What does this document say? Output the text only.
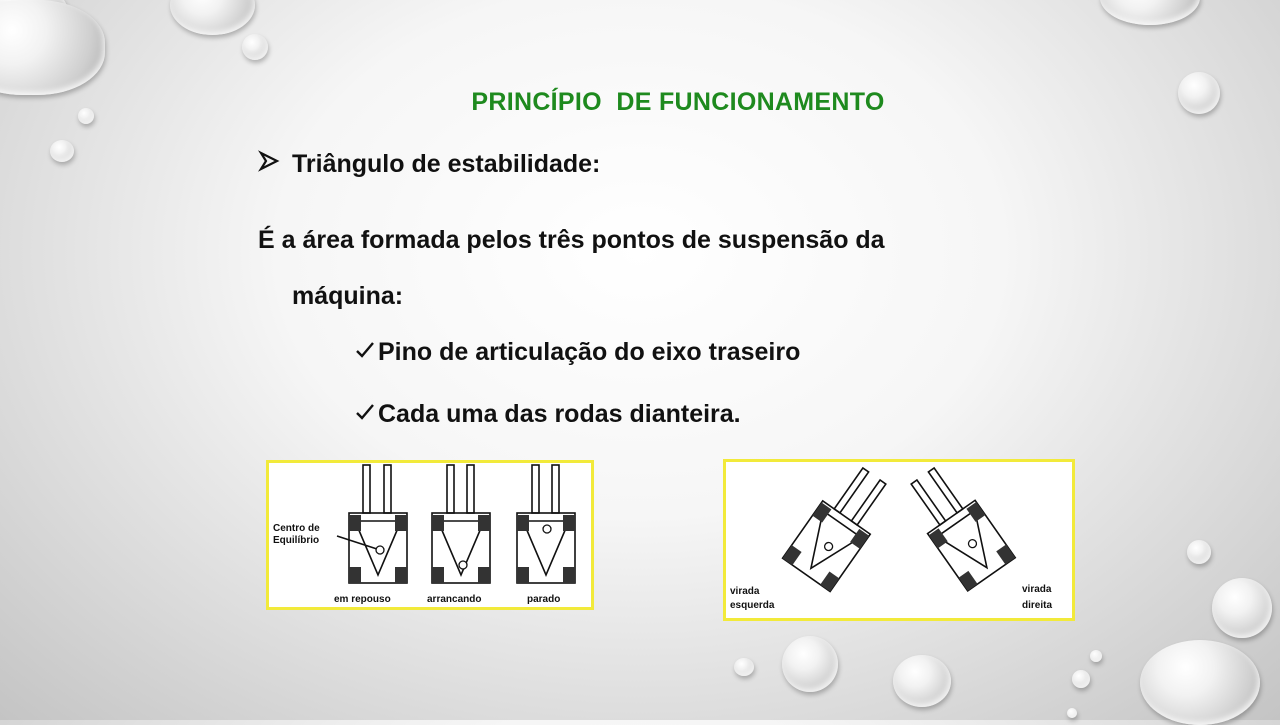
PRINCÍPIO  DE FUNCIONAMENTO
Triângulo de estabilidade:
É a área formada pelos três pontos de suspensão da
máquina:
Pino de articulação do eixo traseiro
Cada uma das rodas dianteira.
Centro de
Equilíbrio
em repouso	arrancando	parado
virada
esquerda
virada
direita
